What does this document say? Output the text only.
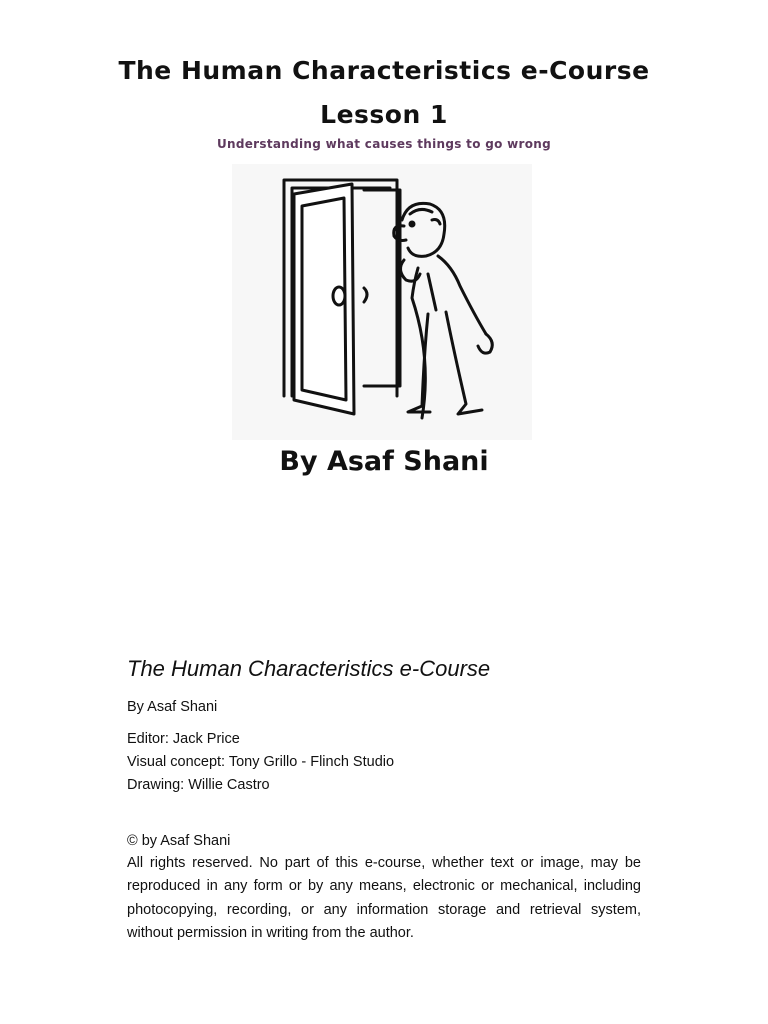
The Human Characteristics e-Course
Lesson 1
Understanding what causes things to go wrong
By Asaf Shani
The Human Characteristics e-Course
By Asaf Shani
Editor: Jack Price
Visual concept: Tony Grillo - Flinch Studio
Drawing: Willie Castro
© by Asaf Shani

All rights reserved. No part of this e-course, whether text or image, may be reproduced in any form or by any means, electronic or mechanical, including photocopying, recording, or any information storage and retrieval system, without permission in writing from the author.
